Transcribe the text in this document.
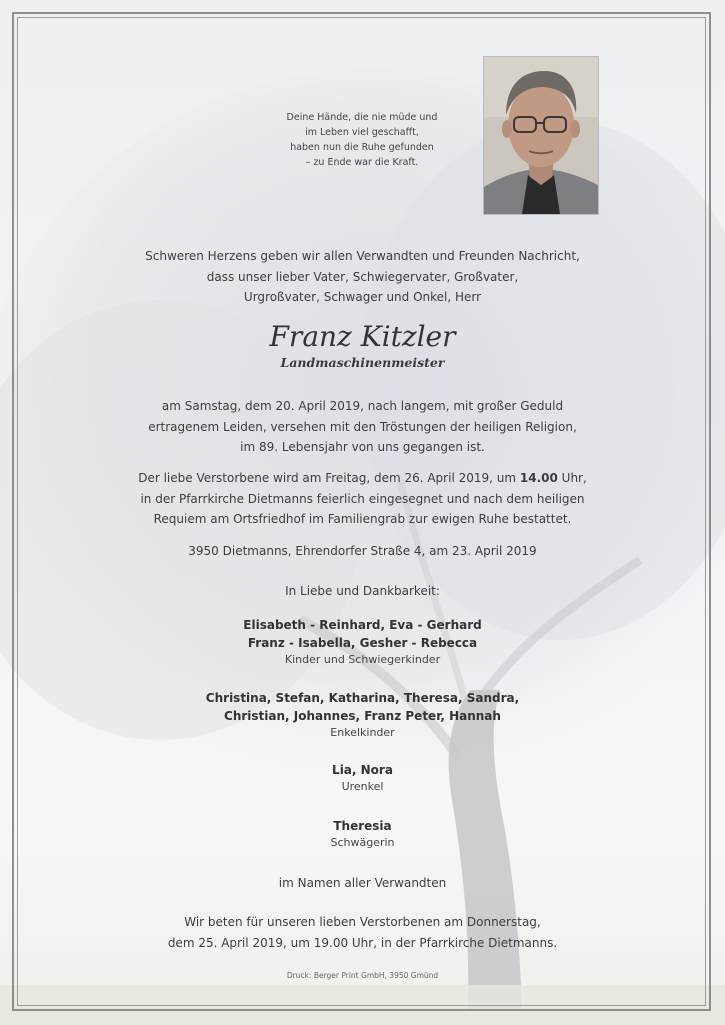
Deine Hände, die nie müde und
im Leben viel geschafft,
haben nun die Ruhe gefunden
– zu Ende war die Kraft.
Schweren Herzens geben wir allen Verwandten und Freunden Nachricht,
dass unser lieber Vater, Schwiegervater, Großvater,
Urgroßvater, Schwager und Onkel, Herr
Franz Kitzler
Landmaschinenmeister
am Samstag, dem 20. April 2019, nach langem, mit großer Geduld
ertragenem Leiden, versehen mit den Tröstungen der heiligen Religion,
im 89. Lebensjahr von uns gegangen ist.
Der liebe Verstorbene wird am Freitag, dem 26. April 2019, um 14.00 Uhr,
in der Pfarrkirche Dietmanns feierlich eingesegnet und nach dem heiligen
Requiem am Ortsfriedhof im Familiengrab zur ewigen Ruhe bestattet.
3950 Dietmanns, Ehrendorfer Straße 4, am 23. April 2019
In Liebe und Dankbarkeit:
Elisabeth - Reinhard, Eva - Gerhard
Franz - Isabella, Gesher - Rebecca
Kinder und Schwiegerkinder
Christina, Stefan, Katharina, Theresa, Sandra,
Christian, Johannes, Franz Peter, Hannah
Enkelkinder
Lia, Nora
Urenkel
Theresia
Schwägerin
im Namen aller Verwandten
Wir beten für unseren lieben Verstorbenen am Donnerstag,
dem 25. April 2019, um 19.00 Uhr, in der Pfarrkirche Dietmanns.
Druck: Berger Print GmbH, 3950 Gmünd
